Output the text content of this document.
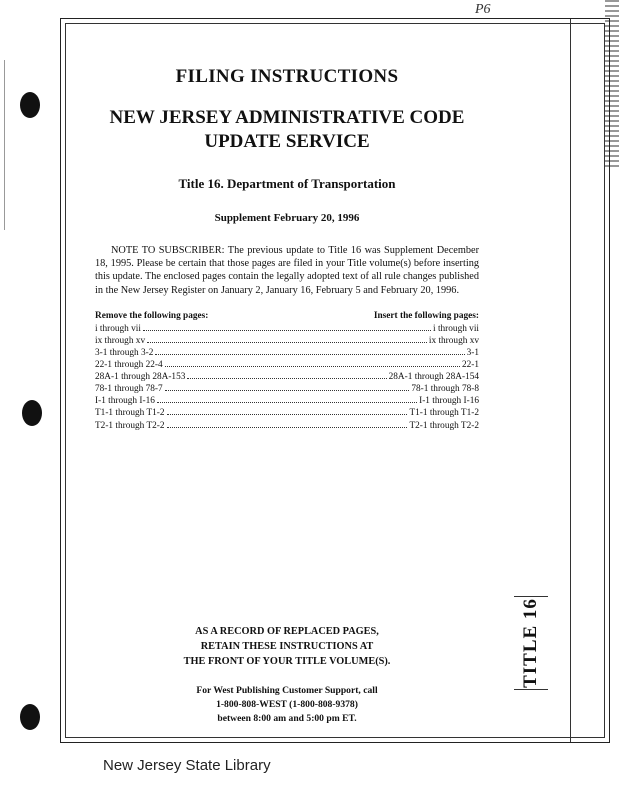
P6
TITLE 16
FILING INSTRUCTIONS
NEW JERSEY ADMINISTRATIVE CODE
UPDATE SERVICE
Title 16. Department of Transportation
Supplement February 20, 1996
NOTE TO SUBSCRIBER: The previous update to Title 16 was Supplement December 18, 1995. Please be certain that those pages are filed in your Title volume(s) before inserting this update. The enclosed pages contain the legally adopted text of all rule changes published in the New Jersey Register on January 2, January 16, February 5 and February 20, 1996.
Remove the following pages:	Insert the following pages:
i through vii	i through vii
ix through xv	ix through xv
3-1 through 3-2	3-1
22-1 through 22-4	22-1
28A-1 through 28A-153	28A-1 through 28A-154
78-1 through 78-7	78-1 through 78-8
I-1 through I-16	I-1 through I-16
T1-1 through T1-2	T1-1 through T1-2
T2-1 through T2-2	T2-1 through T2-2
AS A RECORD OF REPLACED PAGES,
RETAIN THESE INSTRUCTIONS AT
THE FRONT OF YOUR TITLE VOLUME(S).
For West Publishing Customer Support, call
1-800-808-WEST (1-800-808-9378)
between 8:00 am and 5:00 pm ET.
New Jersey State Library
